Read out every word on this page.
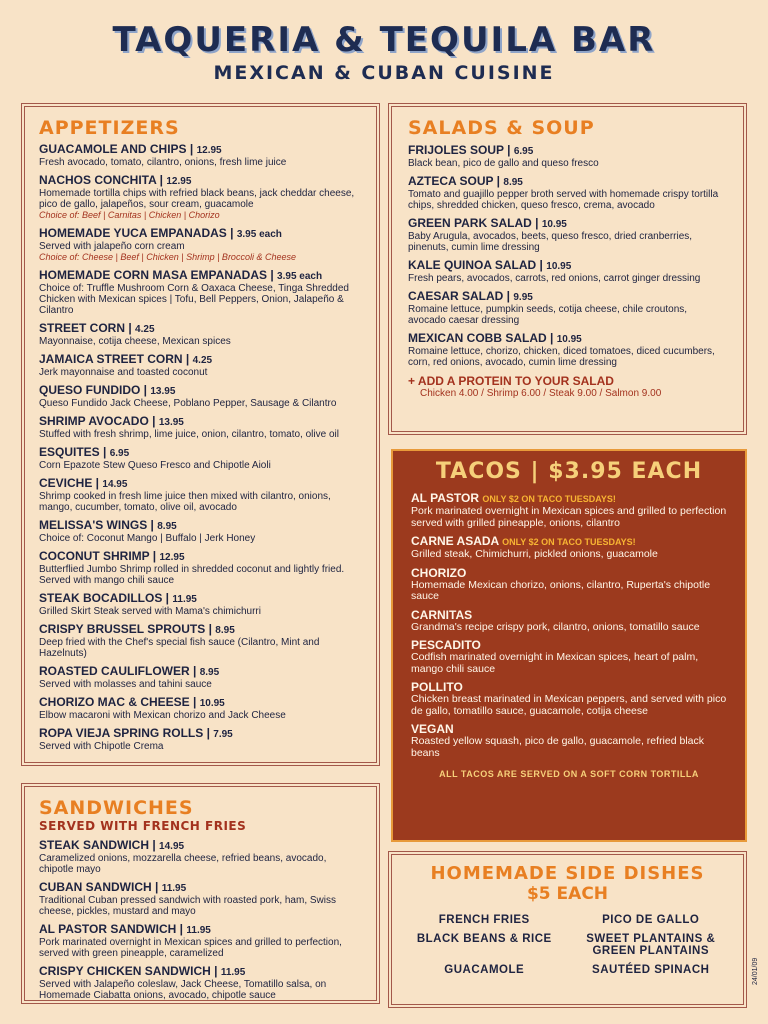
TAQUERIA & TEQUILA BAR
MEXICAN & CUBAN CUISINE
APPETIZERS
GUACAMOLE AND CHIPS | 12.95
Fresh avocado, tomato, cilantro, onions, fresh lime juice
NACHOS CONCHITA | 12.95
Homemade tortilla chips with refried black beans, jack cheddar cheese, pico de gallo, jalapeños, sour cream, guacamole
Choice of: Beef | Carnitas | Chicken | Chorizo
HOMEMADE YUCA EMPANADAS | 3.95 each
Served with jalapeño corn cream
Choice of: Cheese | Beef | Chicken | Shrimp | Broccoli & Cheese
HOMEMADE CORN MASA EMPANADAS | 3.95 each
Choice of: Truffle Mushroom Corn & Oaxaca Cheese, Tinga Shredded Chicken with Mexican spices | Tofu, Bell Peppers, Onion, Jalapeño & Cilantro
STREET CORN | 4.25
Mayonnaise, cotija cheese, Mexican spices
JAMAICA STREET CORN | 4.25
Jerk mayonnaise and toasted coconut
QUESO FUNDIDO | 13.95
Queso Fundido Jack Cheese, Poblano Pepper, Sausage & Cilantro
SHRIMP AVOCADO | 13.95
Stuffed with fresh shrimp, lime juice, onion, cilantro, tomato, olive oil
ESQUITES | 6.95
Corn Epazote Stew Queso Fresco and Chipotle Aioli
CEVICHE | 14.95
Shrimp cooked in fresh lime juice then mixed with cilantro, onions, mango, cucumber, tomato, olive oil, avocado
MELISSA'S WINGS | 8.95
Choice of: Coconut Mango | Buffalo | Jerk Honey
COCONUT SHRIMP | 12.95
Butterflied Jumbo Shrimp rolled in shredded coconut and lightly fried. Served with mango chili sauce
STEAK BOCADILLOS | 11.95
Grilled Skirt Steak served with Mama's chimichurri
CRISPY BRUSSEL SPROUTS | 8.95
Deep fried with the Chef's special fish sauce (Cilantro, Mint and Hazelnuts)
ROASTED CAULIFLOWER | 8.95
Served with molasses and tahini sauce
CHORIZO MAC & CHEESE | 10.95
Elbow macaroni with Mexican chorizo and Jack Cheese
ROPA VIEJA SPRING ROLLS | 7.95
Served with Chipotle Crema
SALADS & SOUP
FRIJOLES SOUP | 6.95
Black bean, pico de gallo and queso fresco
AZTECA SOUP | 8.95
Tomato and guajillo pepper broth served with homemade crispy tortilla chips, shredded chicken, queso fresco, crema, avocado
GREEN PARK SALAD | 10.95
Baby Arugula, avocados, beets, queso fresco, dried cranberries, pinenuts, cumin lime dressing
KALE QUINOA SALAD | 10.95
Fresh pears, avocados, carrots, red onions, carrot ginger dressing
CAESAR SALAD | 9.95
Romaine lettuce, pumpkin seeds, cotija cheese, chile croutons, avocado caesar dressing
MEXICAN COBB SALAD | 10.95
Romaine lettuce, chorizo, chicken, diced tomatoes, diced cucumbers, corn, red onions, avocado, cumin lime dressing
+ ADD A PROTEIN TO YOUR SALAD
Chicken 4.00 / Shrimp 6.00 / Steak 9.00 / Salmon 9.00
TACOS | $3.95 EACH
AL PASTOR ONLY $2 ON TACO TUESDAYS!
Pork marinated overnight in Mexican spices and grilled to perfection served with grilled pineapple, onions, cilantro
CARNE ASADA ONLY $2 ON TACO TUESDAYS!
Grilled steak, Chimichurri, pickled onions, guacamole
CHORIZO
Homemade Mexican chorizo, onions, cilantro, Ruperta's chipotle sauce
CARNITAS
Grandma's recipe crispy pork, cilantro, onions, tomatillo sauce
PESCADITO
Codfish marinated overnight in Mexican spices, heart of palm, mango chili sauce
POLLITO
Chicken breast marinated in Mexican peppers, and served with pico de gallo, tomatillo sauce, guacamole, cotija cheese
VEGAN
Roasted yellow squash, pico de gallo, guacamole, refried black beans
ALL TACOS ARE SERVED ON A SOFT CORN TORTILLA
SANDWICHES
SERVED WITH FRENCH FRIES
STEAK SANDWICH | 14.95
Caramelized onions, mozzarella cheese, refried beans, avocado, chipotle mayo
CUBAN SANDWICH | 11.95
Traditional Cuban pressed sandwich with roasted pork, ham, Swiss cheese, pickles, mustard and mayo
AL PASTOR SANDWICH | 11.95
Pork marinated overnight in Mexican spices and grilled to perfection, served with green pineapple, caramelized
CRISPY CHICKEN SANDWICH | 11.95
Served with Jalapeño coleslaw, Jack Cheese, Tomatillo salsa, on Homemade Ciabatta onions, avocado, chipotle sauce
HOMEMADE SIDE DISHES
$5 EACH
FRENCH FRIES	PICO DE GALLO
BLACK BEANS & RICE	SWEET PLANTAINS & GREEN PLANTAINS
GUACAMOLE	SAUTÉED SPINACH	24/01/09
